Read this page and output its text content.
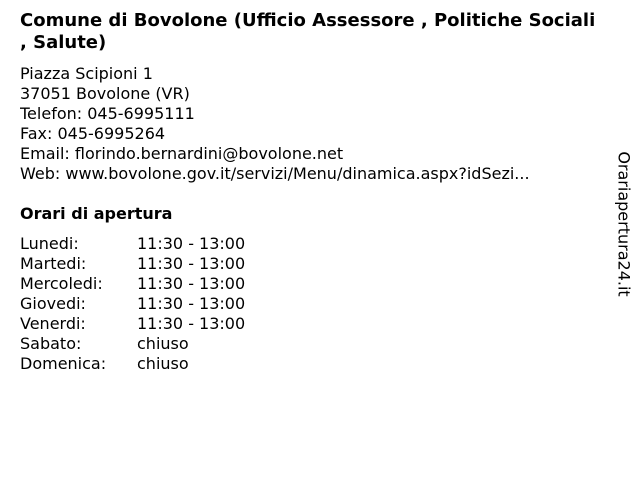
Comune di Bovolone (Ufficio Assessore , Politiche Sociali , Salute)
Piazza Scipioni 1
37051 Bovolone (VR)
Telefon: 045-6995111
Fax: 045-6995264
Email: florindo.bernardini@bovolone.net
Web: www.bovolone.gov.it/servizi/Menu/dinamica.aspx?idSezi...
Orari di apertura
Lunedi:	11:30 - 13:00
Martedi:	11:30 - 13:00
Mercoledi:	11:30 - 13:00
Giovedi:	11:30 - 13:00
Venerdi:	11:30 - 13:00
Sabato:	chiuso
Domenica:	chiuso
Orariapertura24.it
